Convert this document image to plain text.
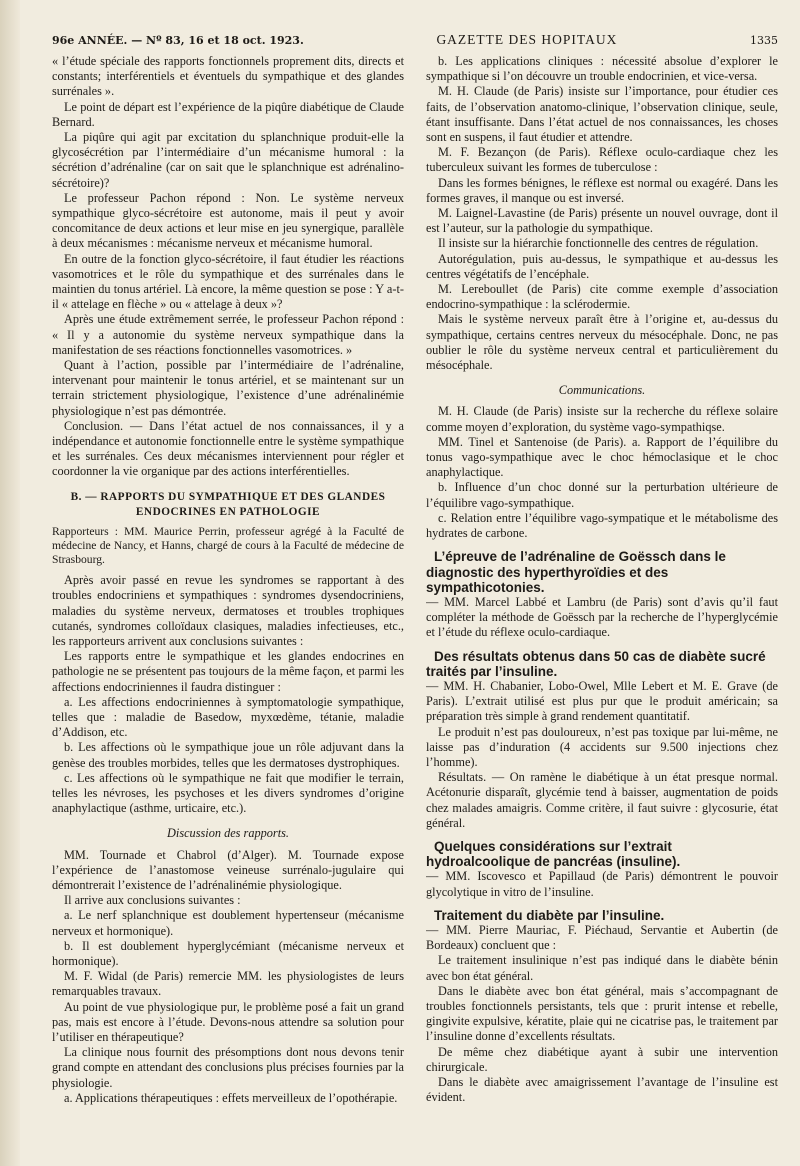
96e ANNÉE. — Nº 83, 16 et 18 oct. 1923.	GAZETTE DES HOPITAUX	1335

« l’étude spéciale des rapports fonctionnels proprement dits, directs et constants; interférentiels et éventuels du sympathique et des glandes surrénales ».

Le point de départ est l’expérience de la piqûre diabétique de Claude Bernard.

La piqûre qui agit par excitation du splanchnique produit-elle la glycosécrétion par l’intermédiaire d’un mécanisme humoral : la sécrétion d’adrénaline (car on sait que le splanchnique est adrénalino-sécrétoire)?

Le professeur Pachon répond : Non. Le système nerveux sympathique glyco-sécrétoire est autonome, mais il peut y avoir concomitance de deux actions et leur mise en jeu synergique, parallèle à deux mécanismes : mécanisme nerveux et mécanisme humoral.

En outre de la fonction glyco-sécrétoire, il faut étudier les réactions vasomotrices et le rôle du sympathique et des surrénales dans le maintien du tonus artériel. Là encore, la même question se pose : Y a-t-il « attelage en flèche » ou « attelage à deux »?

Après une étude extrêmement serrée, le professeur Pachon répond : « Il y a autonomie du système nerveux sympathique dans la manifestation de ses réactions fonctionnelles vasomotrices. »

Quant à l’action, possible par l’intermédiaire de l’adrénaline, intervenant pour maintenir le tonus artériel, et se maintenant sur un terrain strictement physiologique, l’existence d’une adrénalinémie physiologique n’est pas démontrée.

Conclusion. — Dans l’état actuel de nos connaissances, il y a indépendance et autonomie fonctionnelle entre le système sympathique et les surrénales. Ces deux mécanismes interviennent pour régler et coordonner la vie organique par des actions interférentielles.

B. — RAPPORTS DU SYMPATHIQUE ET DES GLANDES ENDOCRINES EN PATHOLOGIE

Rapporteurs : MM. Maurice Perrin, professeur agrégé à la Faculté de médecine de Nancy, et Hanns, chargé de cours à la Faculté de médecine de Strasbourg.

Après avoir passé en revue les syndromes se rapportant à des troubles endocriniens et sympathiques : syndromes dysendocriniens, maladies du système nerveux, dermatoses et troubles trophiques cutanés, syndromes colloïdaux clasiques, maladies infectieuses, etc., les rapporteurs arrivent aux conclusions suivantes :

Les rapports entre le sympathique et les glandes endocrines en pathologie ne se présentent pas toujours de la même façon, et parmi les affections endocriniennes il faudra distinguer :

a. Les affections endocriniennes à symptomatologie sympathique, telles que : maladie de Basedow, myxœdème, tétanie, maladie d’Addison, etc.

b. Les affections où le sympathique joue un rôle adjuvant dans la genèse des troubles morbides, telles que les dermatoses dystrophiques.

c. Les affections où le sympathique ne fait que modifier le terrain, telles les névroses, les psychoses et les divers syndromes d’origine anaphylactique (asthme, urticaire, etc.).

Discussion des rapports.

MM. Tournade et Chabrol (d’Alger). M. Tournade expose l’expérience de l’anastomose veineuse surrénalo-jugulaire qui démontrerait l’existence de l’adrénalinémie physiologique.

Il arrive aux conclusions suivantes :

a. Le nerf splanchnique est doublement hypertenseur (mécanisme nerveux et hormonique).

b. Il est doublement hyperglycémiant (mécanisme nerveux et hormonique).

M. F. Widal (de Paris) remercie MM. les physiologistes de leurs remarquables travaux.

Au point de vue physiologique pur, le problème posé a fait un grand pas, mais est encore à l’étude. Devons-nous attendre sa solution pour l’utiliser en thérapeutique?

La clinique nous fournit des présomptions dont nous devons tenir grand compte en attendant des conclusions plus précises fournies par la physiologie.

a. Applications thérapeutiques : effets merveilleux de l’opothérapie.

b. Les applications cliniques : nécessité absolue d’explorer le sympathique si l’on découvre un trouble endocrinien, et vice-versa.

M. H. Claude (de Paris) insiste sur l’importance, pour étudier ces faits, de l’observation anatomo-clinique, l’observation clinique, seule, étant insuffisante. Dans l’état actuel de nos connaissances, les choses sont en suspens, il faut étudier et attendre.

M. F. Bezançon (de Paris). Réflexe oculo-cardiaque chez les tuberculeux suivant les formes de tuberculose :

Dans les formes bénignes, le réflexe est normal ou exagéré. Dans les formes graves, il manque ou est inversé.

M. Laignel-Lavastine (de Paris) présente un nouvel ouvrage, dont il est l’auteur, sur la pathologie du sympathique.

Il insiste sur la hiérarchie fonctionnelle des centres de régulation.

Autorégulation, puis au-dessus, le sympathique et au-dessus les centres végétatifs de l’encéphale.

M. Lereboullet (de Paris) cite comme exemple d’association endocrino-sympathique : la sclérodermie.

Mais le système nerveux paraît être à l’origine et, au-dessus du sympathique, certains centres nerveux du mésocéphale. Donc, ne pas oublier le rôle du système nerveux central et particulièrement du mésocéphale.

Communications.

M. H. Claude (de Paris) insiste sur la recherche du réflexe solaire comme moyen d’exploration, du système vago-sympathiqse.

MM. Tinel et Santenoise (de Paris). a. Rapport de l’équilibre du tonus vago-sympathique avec le choc hémoclasique et le choc anaphylactique.

b. Influence d’un choc donné sur la perturbation ultérieure de l’équilibre vago-sympathique.

c. Relation entre l’équilibre vago-sympatique et le métabolisme des hydrates de carbone.

L’épreuve de l’adrénaline de Goëssch dans le diagnostic des hyperthyroïdies et des sympathicotonies.

— MM. Marcel Labbé et Lambru (de Paris) sont d’avis qu’il faut compléter la méthode de Goëssch par la recherche de l’hyperglycémie et l’étude du réflexe oculo-cardiaque.

Des résultats obtenus dans 50 cas de diabète sucré traités par l’insuline.

— MM. H. Chabanier, Lobo-Owel, Mlle Lebert et M. E. Grave (de Paris). L’extrait utilisé est plus pur que le produit américain; sa préparation très simple à grand rendement quantitatif.

Le produit n’est pas douloureux, n’est pas toxique par lui-même, ne laisse pas d’induration (4 accidents sur 9.500 injections chez l’homme).

Résultats. — On ramène le diabétique à un état presque normal. Acétonurie disparaît, glycémie tend à baisser, augmentation de poids chez malades amaigris. Comme critère, il faut suivre : glycosurie, état général.

Quelques considérations sur l’extrait hydroalcoolique de pancréas (insuline).

— MM. Iscovesco et Papillaud (de Paris) démontrent le pouvoir glycolytique in vitro de l’insuline.

Traitement du diabète par l’insuline.

— MM. Pierre Mauriac, F. Piéchaud, Servantie et Aubertin (de Bordeaux) concluent que :

Le traitement insulinique n’est pas indiqué dans le diabète bénin avec bon état général.

Dans le diabète avec bon état général, mais s’accompagnant de troubles fonctionnels persistants, tels que : prurit intense et rebelle, gingivite expulsive, kératite, plaie qui ne cicatrise pas, le traitement par l’insuline donne d’excellents résultats.

De même chez diabétique ayant à subir une intervention chirurgicale.

Dans le diabète avec amaigrissement l’avantage de l’insuline est évident.
